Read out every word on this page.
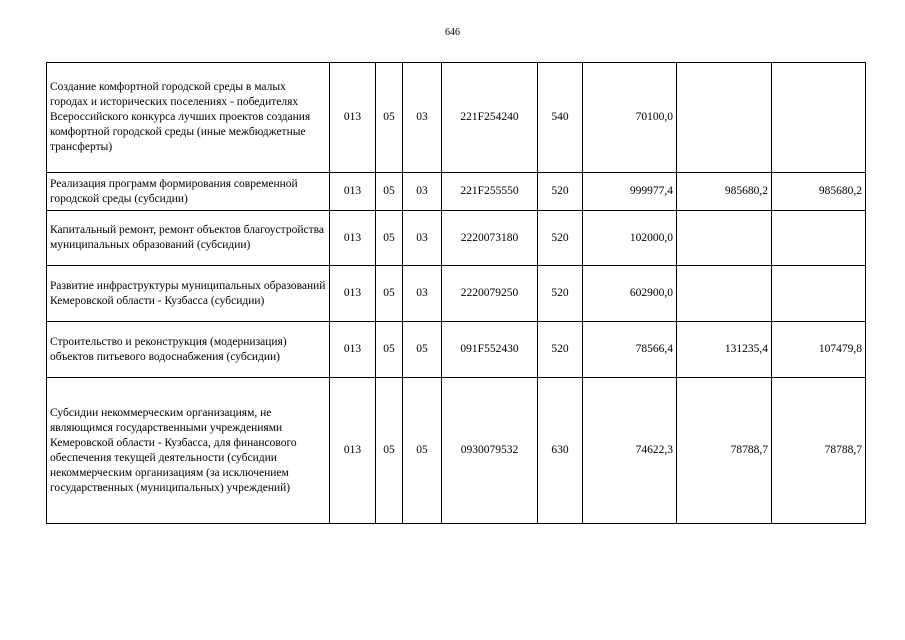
646
Создание комфортной городской среды в малых городах и исторических поселениях - победителях Всероссийского конкурса лучших проектов создания комфортной городской среды (иные межбюджетные трансферты)	013	05	03	221F254240	540	70100,0		
Реализация программ формирования современной городской среды (субсидии)	013	05	03	221F255550	520	999977,4	985680,2	985680,2
Капитальный ремонт, ремонт объектов благоустройства муниципальных образований (субсидии)	013	05	03	2220073180	520	102000,0		
Развитие инфраструктуры муниципальных образований Кемеровской области - Кузбасса (субсидии)	013	05	03	2220079250	520	602900,0		
Строительство и реконструкция (модернизация) объектов питьевого водоснабжения (субсидии)	013	05	05	091F552430	520	78566,4	131235,4	107479,8
Субсидии некоммерческим организациям, не являющимся государственными учреждениями Кемеровской области - Кузбасса, для финансового обеспечения текущей деятельности (субсидии некоммерческим организациям (за исключением государственных (муниципальных) учреждений)	013	05	05	0930079532	630	74622,3	78788,7	78788,7
